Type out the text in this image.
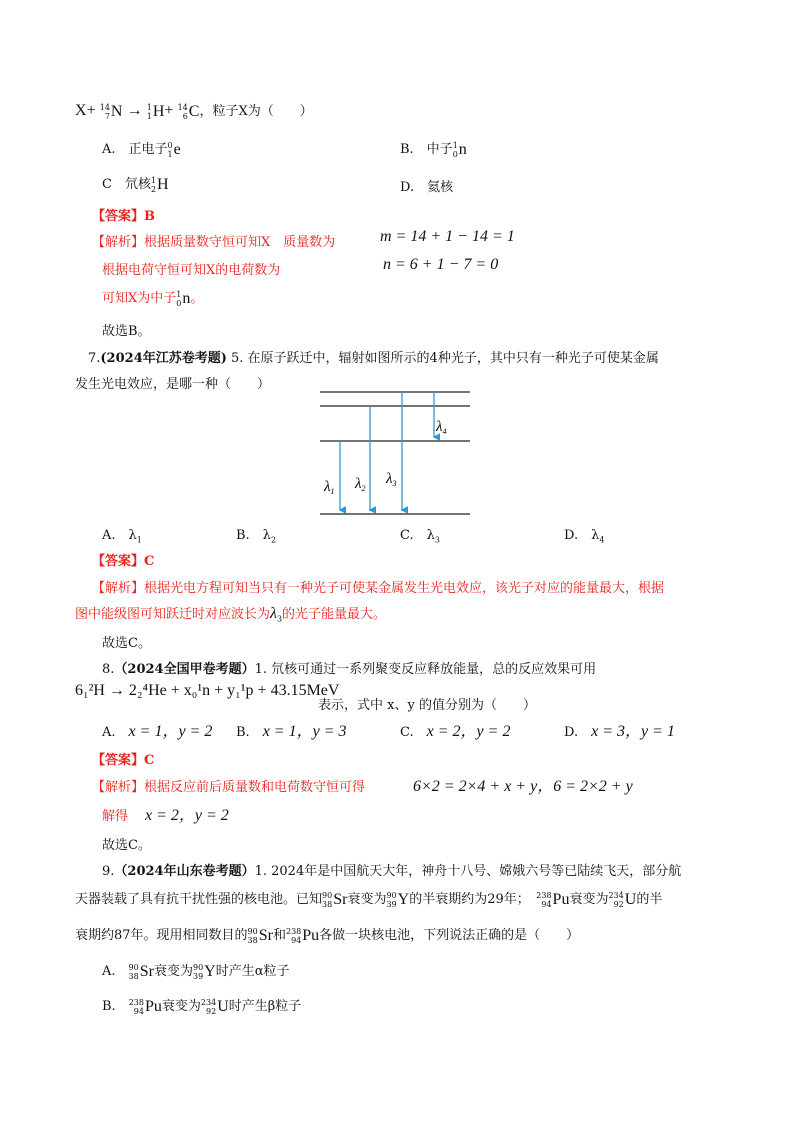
X+ 14
7 N → 1
1 H + 14
6 C ，粒子X为（　　）
A.　正电子 0
1 e	B.　中子 1
0 n
C　氘核 1
2 H	D.　氦核
【答案】B
【解析】根据质量数守恒可知X　质量数为	m = 14 + 1 − 14 = 1
根据电荷守恒可知X的电荷数为	n = 6 + 1 − 7 = 0
可知X为中子 1
0 n 。
故选B。
7.(2024年江苏卷考题) 5. 在原子跃迁中，辐射如图所示的4种光子，其中只有一种光子可使某金属
发生光电效应，是哪一种（　　）
$\lambda_1$ $\lambda_2$
$\lambda_3$
$\lambda_4$
A.　$\lambda_1$	B.　$\lambda_2$	C.　$\lambda_3$	D.　$\lambda_4$
【答案】C
【解析】根据光电方程可知当只有一种光子可使某金属发生光电效应，该光子对应的能量最大，根据
图中能级图可知跃迁时对应波长为$\lambda_3$的光子能量最大。
故选C。
8.（2024全国甲卷考题）1. 氘核可通过一系列聚变反应释放能量，总的反应效果可用
6₁²H → 2₂⁴He + x₀¹n + y₁¹p + 43.15MeV
表示，式中 x、y 的值分别为（　　）
A.　 x = 1，y = 2 B.　 x = 1，y = 3	C.　 x = 2，y = 2	D.　 x = 3，y = 1
【答案】C
【解析】根据反应前后质量数和电荷数守恒可得	6×2 = 2×4 + x + y，6 = 2×2 + y
解得 x = 2，y = 2
故选C。
9.（2024年山东卷考题）1. 2024年是中国航天大年，神舟十八号、嫦娥六号等已陆续飞天，部分航
天器装载了具有抗干扰性强的核电池。已知 90
38 Sr 衰变为 90
39 Y 的半衰期约为29年；　 238
94 Pu 衰变为 234
92 U 的半
衰期约87年。现用相同数目的 90
38 Sr 和 238
94 Pu 各做一块核电池，下列说法正确的是（　　）
A.　 90
38 Sr 衰变为 90
39 Y 时产生α粒子
B.　 238
94 Pu 衰变为 234
92 U 时产生β粒子
